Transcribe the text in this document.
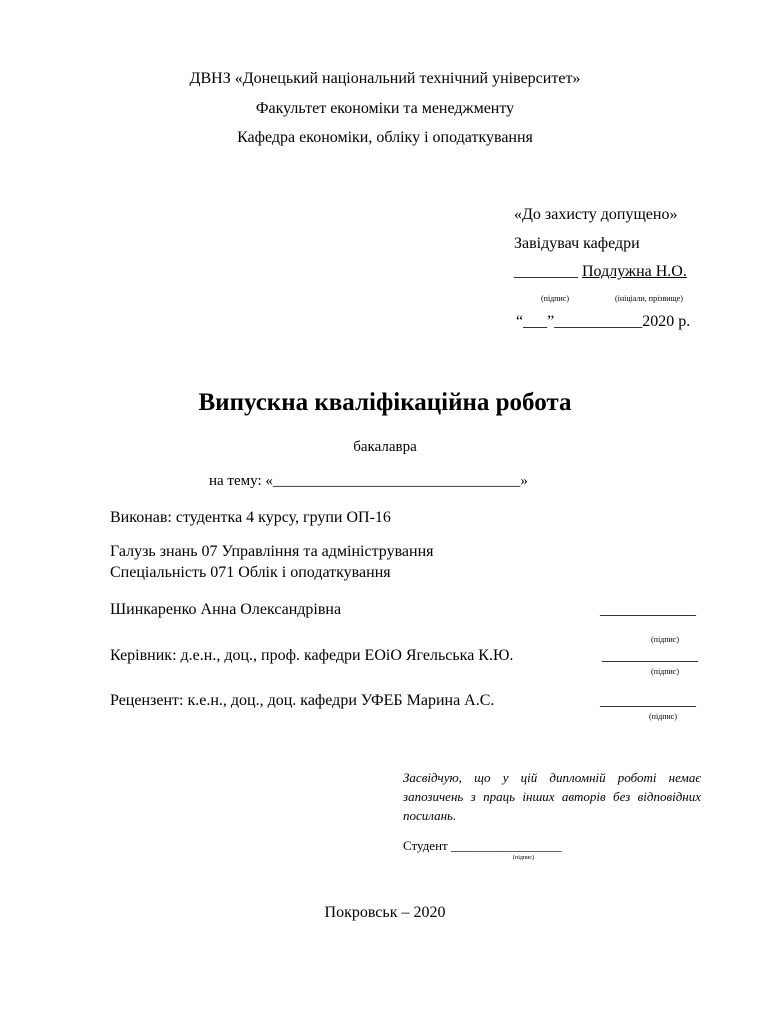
ДВНЗ «Донецький національний технічний університет»
Факультет економіки та менеджменту
Кафедра економіки, обліку і оподаткування
«До захисту допущено»
Завідувач кафедри
________ Подлужна Н.О.
(підпис)	(ініціали, прізвище)
“___”___________2020 р.
Випускна кваліфікаційна робота
бакалавра
на тему: «_________________________________»
Виконав: студентка 4 курсу, групи ОП-16
Галузь знань 07 Управління та адміністрування
Спеціальність 071 Облік і оподаткування
Шинкаренко Анна Олександрівна	____________
(підпис)
Керівник: д.е.н., доц., проф. кафедри ЕОіО Ягельська К.Ю.	____________
(підпис)
Рецензент: к.е.н., доц., доц. кафедри УФЕБ Марина А.С.	____________
(підпис)
Засвідчую, що у цій дипломній роботі немає запозичень з праць інших авторів без відповідних посилань.
Студент _________________
(підпис)
Покровськ – 2020
